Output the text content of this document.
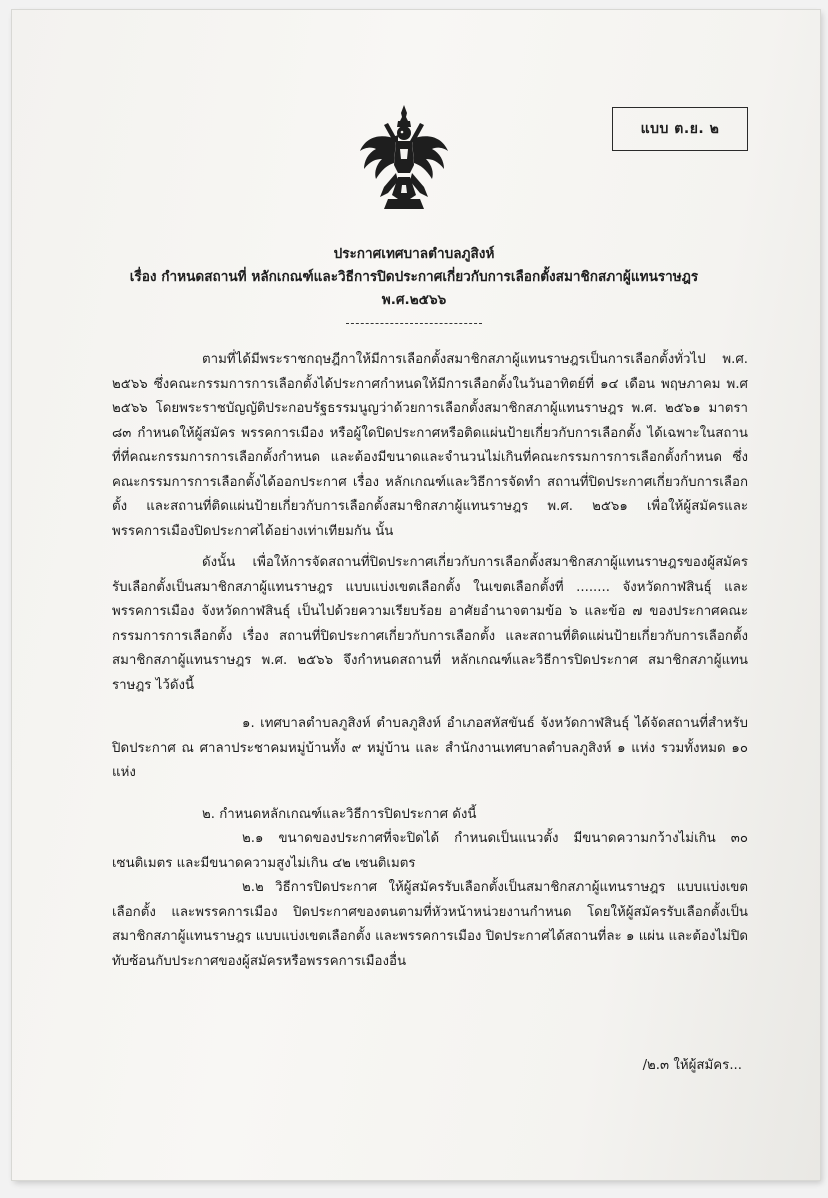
แบบ ต.ย. ๒
ประกาศเทศบาลตำบลภูสิงห์
เรื่อง กำหนดสถานที่ หลักเกณฑ์และวิธีการปิดประกาศเกี่ยวกับการเลือกตั้งสมาชิกสภาผู้แทนราษฎร
พ.ศ.๒๕๖๖

ตามที่ได้มีพระราชกฤษฎีกาให้มีการเลือกตั้งสมาชิกสภาผู้แทนราษฎรเป็นการเลือกตั้งทั่วไป พ.ศ. ๒๕๖๖ ซึ่งคณะกรรมการการเลือกตั้งได้ประกาศกำหนดให้มีการเลือกตั้งในวันอาทิตย์ที่ ๑๔ เดือน พฤษภาคม พ.ศ ๒๕๖๖ โดยพระราชบัญญัติประกอบรัฐธรรมนูญว่าด้วยการเลือกตั้งสมาชิกสภาผู้แทนราษฎร พ.ศ. ๒๕๖๑ มาตรา ๘๓ กำหนดให้ผู้สมัคร พรรคการเมือง หรือผู้ใดปิดประกาศหรือติดแผ่นป้ายเกี่ยวกับการเลือกตั้ง ได้เฉพาะในสถานที่ที่คณะกรรมการการเลือกตั้งกำหนด และต้องมีขนาดและจำนวนไม่เกินที่คณะกรรมการการเลือกตั้งกำหนด ซึ่งคณะกรรมการการเลือกตั้งได้ออกประกาศ เรื่อง หลักเกณฑ์และวิธีการจัดทำ สถานที่ปิดประกาศเกี่ยวกับการเลือกตั้ง และสถานที่ติดแผ่นป้ายเกี่ยวกับการเลือกตั้งสมาชิกสภาผู้แทนราษฎร พ.ศ. ๒๕๖๑ เพื่อให้ผู้สมัครและพรรคการเมืองปิดประกาศได้อย่างเท่าเทียมกัน นั้น

ดังนั้น เพื่อให้การจัดสถานที่ปิดประกาศเกี่ยวกับการเลือกตั้งสมาชิกสภาผู้แทนราษฎรของผู้สมัครรับเลือกตั้งเป็นสมาชิกสภาผู้แทนราษฎร แบบแบ่งเขตเลือกตั้ง ในเขตเลือกตั้งที่ ........ จังหวัดกาฬสินธุ์ และพรรคการเมือง จังหวัดกาฬสินธุ์ เป็นไปด้วยความเรียบร้อย อาศัยอำนาจตามข้อ ๖ และข้อ ๗ ของประกาศคณะกรรมการการเลือกตั้ง เรื่อง สถานที่ปิดประกาศเกี่ยวกับการเลือกตั้ง และสถานที่ติดแผ่นป้ายเกี่ยวกับการเลือกตั้งสมาชิกสภาผู้แทนราษฎร พ.ศ. ๒๕๖๖ จึงกำหนดสถานที่ หลักเกณฑ์และวิธีการปิดประกาศ สมาชิกสภาผู้แทนราษฎร ไว้ดังนี้

๑. เทศบาลตำบลภูสิงห์ ตำบลภูสิงห์ อำเภอสหัสขันธ์ จังหวัดกาฬสินธุ์ ได้จัดสถานที่สำหรับปิดประกาศ ณ ศาลาประชาคมหมู่บ้านทั้ง ๙ หมู่บ้าน และ สำนักงานเทศบาลตำบลภูสิงห์ ๑ แห่ง รวมทั้งหมด ๑๐ แห่ง

๒. กำหนดหลักเกณฑ์และวิธีการปิดประกาศ ดังนี้

๒.๑ ขนาดของประกาศที่จะปิดได้ กำหนดเป็นแนวตั้ง มีขนาดความกว้างไม่เกิน ๓๐ เซนติเมตร และมีขนาดความสูงไม่เกิน ๔๒ เซนติเมตร

๒.๒ วิธีการปิดประกาศ ให้ผู้สมัครรับเลือกตั้งเป็นสมาชิกสภาผู้แทนราษฎร แบบแบ่งเขตเลือกตั้ง และพรรคการเมือง ปิดประกาศของตนตามที่หัวหน้าหน่วยงานกำหนด โดยให้ผู้สมัครรับเลือกตั้งเป็นสมาชิกสภาผู้แทนราษฎร แบบแบ่งเขตเลือกตั้ง และพรรคการเมือง ปิดประกาศได้สถานที่ละ ๑ แผ่น และต้องไม่ปิดทับซ้อนกับประกาศของผู้สมัครหรือพรรคการเมืองอื่น

/๒.๓ ให้ผู้สมัคร...
